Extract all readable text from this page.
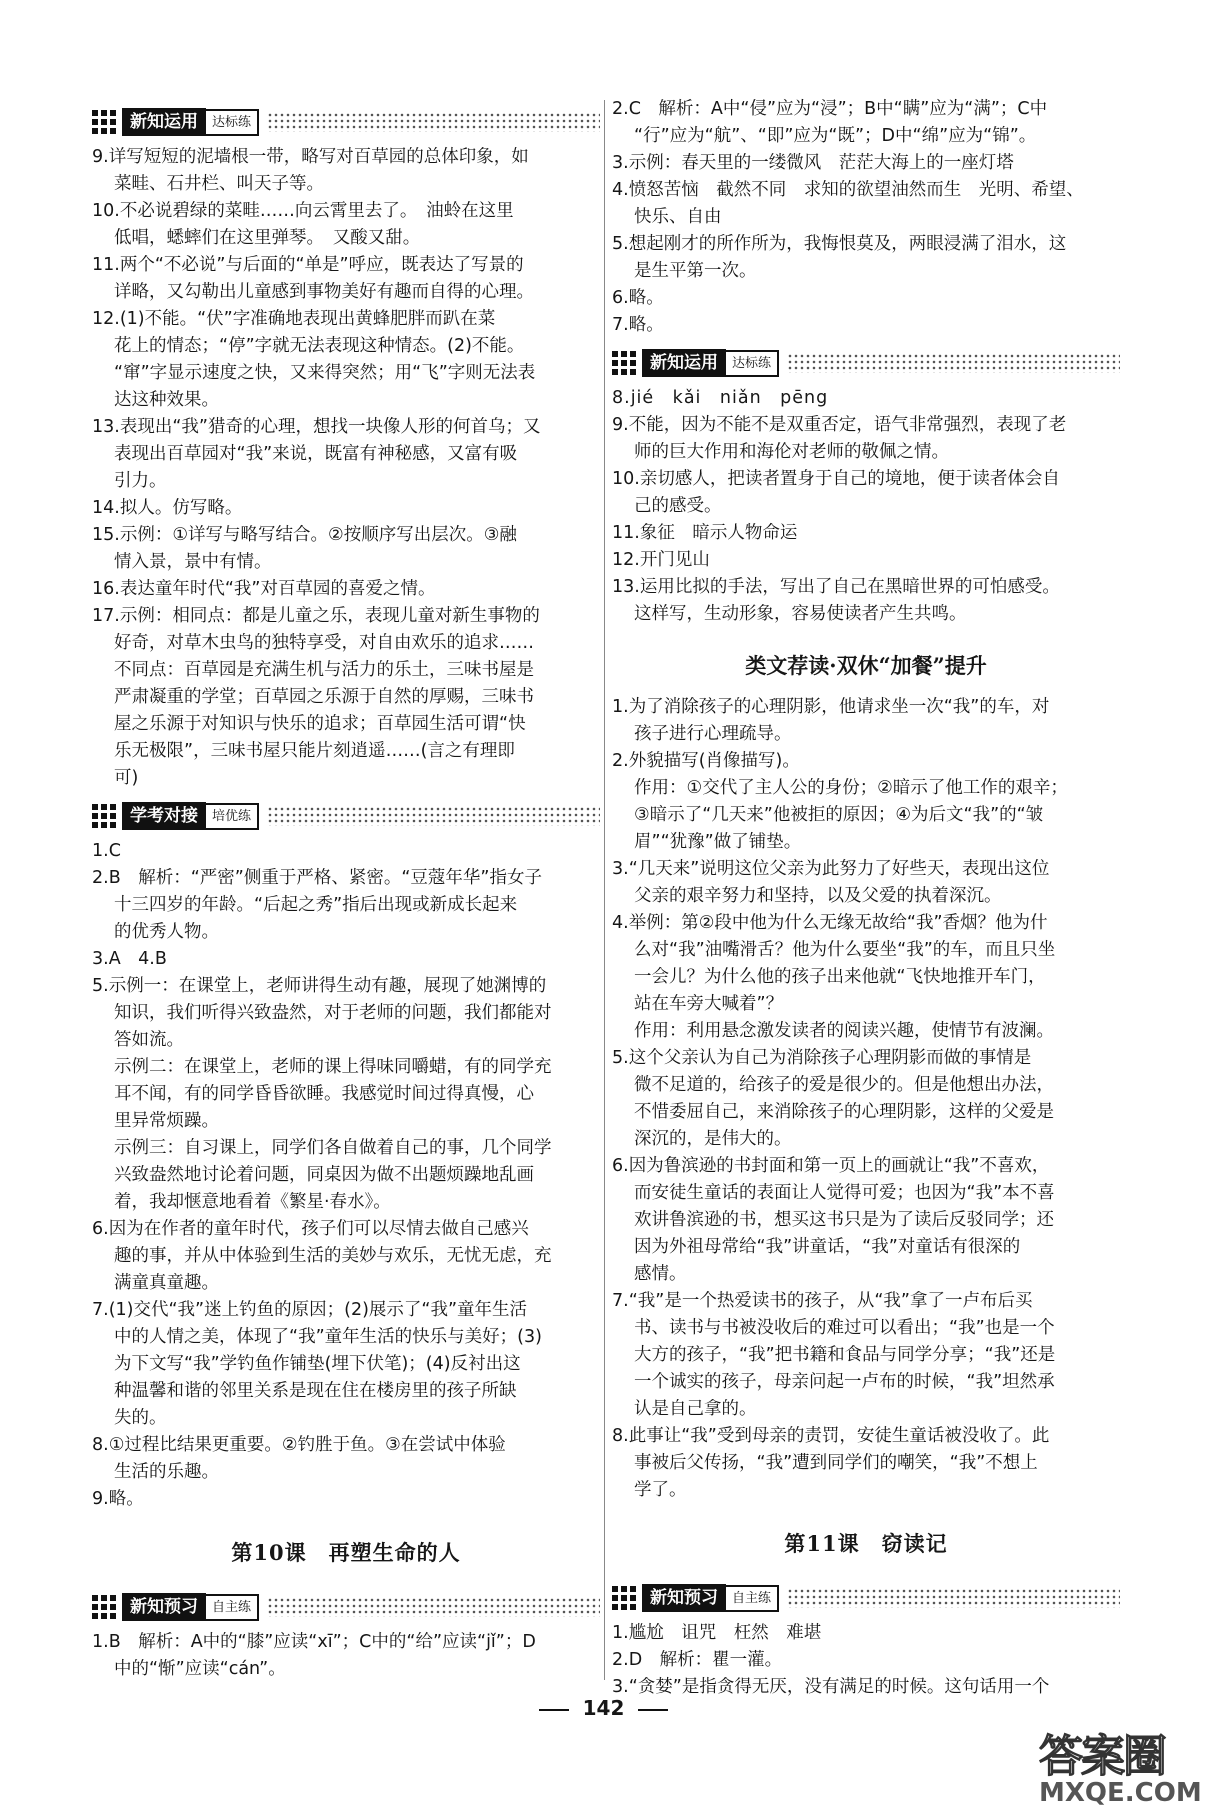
新知运用	达标练

9.详写短短的泥墙根一带，略写对百草园的总体印象，如

菜畦、石井栏、叫天子等。

10.不必说碧绿的菜畦……向云霄里去了。　油蛉在这里

低唱，蟋蟀们在这里弹琴。　又酸又甜。

11.两个“不必说”与后面的“单是”呼应，既表达了写景的

详略，又勾勒出儿童感到事物美好有趣而自得的心理。

12.(1)不能。“伏”字准确地表现出黄蜂肥胖而趴在菜

花上的情态；“停”字就无法表现这种情态。(2)不能。

“窜”字显示速度之快，又来得突然；用“飞”字则无法表

达这种效果。

13.表现出“我”猎奇的心理，想找一块像人形的何首乌；又

表现出百草园对“我”来说，既富有神秘感，又富有吸

引力。

14.拟人。仿写略。

15.示例：①详写与略写结合。②按顺序写出层次。③融

情入景，景中有情。

16.表达童年时代“我”对百草园的喜爱之情。

17.示例：相同点：都是儿童之乐，表现儿童对新生事物的

好奇，对草木虫鸟的独特享受，对自由欢乐的追求……

不同点：百草园是充满生机与活力的乐土，三味书屋是

严肃凝重的学堂；百草园之乐源于自然的厚赐，三味书

屋之乐源于对知识与快乐的追求；百草园生活可谓“快

乐无极限”，三味书屋只能片刻逍遥……(言之有理即

可)

学考对接	培优练

1.C

2.B　解析：“严密”侧重于严格、紧密。“豆蔻年华”指女子

十三四岁的年龄。“后起之秀”指后出现或新成长起来

的优秀人物。

3.A　4.B

5.示例一：在课堂上，老师讲得生动有趣，展现了她渊博的

知识，我们听得兴致盎然，对于老师的问题，我们都能对

答如流。

示例二：在课堂上，老师的课上得味同嚼蜡，有的同学充

耳不闻，有的同学昏昏欲睡。我感觉时间过得真慢，心

里异常烦躁。

示例三：自习课上，同学们各自做着自己的事，几个同学

兴致盎然地讨论着问题，同桌因为做不出题烦躁地乱画

着，我却惬意地看着《繁星·春水》。

6.因为在作者的童年时代，孩子们可以尽情去做自己感兴

趣的事，并从中体验到生活的美妙与欢乐，无忧无虑，充

满童真童趣。

7.(1)交代“我”迷上钓鱼的原因；(2)展示了“我”童年生活

中的人情之美，体现了“我”童年生活的快乐与美好；(3)

为下文写“我”学钓鱼作铺垫(埋下伏笔)；(4)反衬出这

种温馨和谐的邻里关系是现在住在楼房里的孩子所缺

失的。

8.①过程比结果更重要。②钓胜于鱼。③在尝试中体验

生活的乐趣。

9.略。

第10课　再塑生命的人
新知预习	自主练

1.B　解析：A中的“膝”应读“xī”；C中的“给”应读“jǐ”；D

中的“惭”应读“cán”。

2.C　解析：A中“侵”应为“浸”；B中“瞒”应为“满”；C中

“行”应为“航”、“即”应为“既”；D中“绵”应为“锦”。

3.示例：春天里的一缕微风　茫茫大海上的一座灯塔

4.愤怒苦恼　截然不同　求知的欲望油然而生　光明、希望、

快乐、自由

5.想起刚才的所作所为，我悔恨莫及，两眼浸满了泪水，这

是生平第一次。

6.略。

7.略。

新知运用	达标练

8.jié　kǎi　niǎn　pēng

9.不能，因为不能不是双重否定，语气非常强烈，表现了老

师的巨大作用和海伦对老师的敬佩之情。

10.亲切感人，把读者置身于自己的境地，便于读者体会自

己的感受。

11.象征　暗示人物命运

12.开门见山

13.运用比拟的手法，写出了自己在黑暗世界的可怕感受。

这样写，生动形象，容易使读者产生共鸣。

类文荐读·双休“加餐”提升

1.为了消除孩子的心理阴影，他请求坐一次“我”的车，对

孩子进行心理疏导。

2.外貌描写(肖像描写)。

作用：①交代了主人公的身份；②暗示了他工作的艰辛；

③暗示了“几天来”他被拒的原因；④为后文“我”的“皱

眉”“犹豫”做了铺垫。

3.“几天来”说明这位父亲为此努力了好些天，表现出这位

父亲的艰辛努力和坚持，以及父爱的执着深沉。

4.举例：第②段中他为什么无缘无故给“我”香烟？他为什

么对“我”油嘴滑舌？他为什么要坐“我”的车，而且只坐

一会儿？为什么他的孩子出来他就“飞快地推开车门，

站在车旁大喊着”？

作用：利用悬念激发读者的阅读兴趣，使情节有波澜。

5.这个父亲认为自己为消除孩子心理阴影而做的事情是

微不足道的，给孩子的爱是很少的。但是他想出办法，

不惜委屈自己，来消除孩子的心理阴影，这样的父爱是

深沉的，是伟大的。

6.因为鲁滨逊的书封面和第一页上的画就让“我”不喜欢，

而安徒生童话的表面让人觉得可爱；也因为“我”本不喜

欢讲鲁滨逊的书，想买这书只是为了读后反驳同学；还

因为外祖母常给“我”讲童话，“我”对童话有很深的

感情。

7.“我”是一个热爱读书的孩子，从“我”拿了一卢布后买

书、读书与书被没收后的难过可以看出；“我”也是一个

大方的孩子，“我”把书籍和食品与同学分享；“我”还是

一个诚实的孩子，母亲问起一卢布的时候，“我”坦然承

认是自己拿的。

8.此事让“我”受到母亲的责罚，安徒生童话被没收了。此

事被后父传扬，“我”遭到同学们的嘲笑，“我”不想上

学了。

第11课　窃读记
新知预习	自主练

1.尴尬　诅咒　枉然　难堪

2.D　解析：瞿一灌。

3.“贪婪”是指贪得无厌，没有满足的时候。这句话用一个

142
答案圈
MXQE.COM
